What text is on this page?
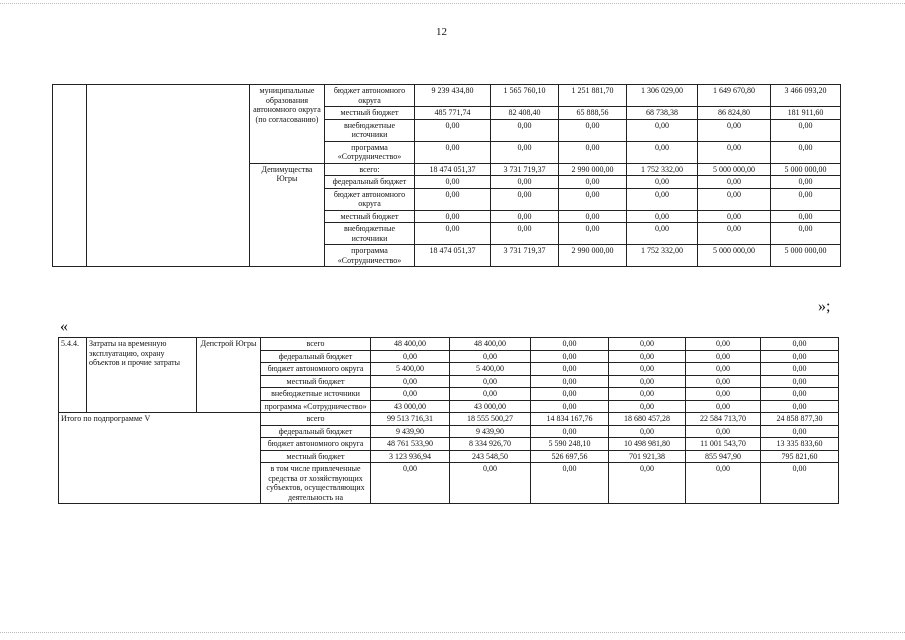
12
		муниципальные образования автономного округа (по согласованию)	бюджет автономного округа	9 239 434,80	1 565 760,10	1 251 881,70	1 306 029,00	1 649 670,80	3 466 093,20
			местный бюджет	485 771,74	82 408,40	65 888,56	68 738,38	86 824,80	181 911,60
			внебюджетные источники	0,00	0,00	0,00	0,00	0,00	0,00
			программа «Сотрудничество»	0,00	0,00	0,00	0,00	0,00	0,00
		Депимущества Югры	всего:	18 474 051,37	3 731 719,37	2 990 000,00	1 752 332,00	5 000 000,00	5 000 000,00
			федеральный бюджет	0,00	0,00	0,00	0,00	0,00	0,00
			бюджет автономного округа	0,00	0,00	0,00	0,00	0,00	0,00
			местный бюджет	0,00	0,00	0,00	0,00	0,00	0,00
			внебюджетные источники	0,00	0,00	0,00	0,00	0,00	0,00
			программа «Сотрудничество»	18 474 051,37	3 731 719,37	2 990 000,00	1 752 332,00	5 000 000,00	5 000 000,00
»;
«
5.4.4.	Затраты на временную эксплуатацию, охрану объектов и прочие затраты	Депстрой Югры	всего	48 400,00	48 400,00	0,00	0,00	0,00	0,00
			федеральный бюджет	0,00	0,00	0,00	0,00	0,00	0,00
			бюджет автономного округа	5 400,00	5 400,00	0,00	0,00	0,00	0,00
			местный бюджет	0,00	0,00	0,00	0,00	0,00	0,00
			внебюджетные источники	0,00	0,00	0,00	0,00	0,00	0,00
			программа «Сотрудничество»	43 000,00	43 000,00	0,00	0,00	0,00	0,00
Итого по подпрограмме V			всего	99 513 716,31	18 555 500,27	14 834 167,76	18 680 457,28	22 584 713,70	24 858 877,30
			федеральный бюджет	9 439,90	9 439,90	0,00	0,00	0,00	0,00
			бюджет автономного округа	48 761 533,90	8 334 926,70	5 590 248,10	10 498 981,80	11 001 543,70	13 335 833,60
			местный бюджет	3 123 936,94	243 548,50	526 697,56	701 921,38	855 947,90	795 821,60
			в том числе привлеченные средства от хозяйствующих субъектов, осуществляющих деятельность на	0,00	0,00	0,00	0,00	0,00	0,00
